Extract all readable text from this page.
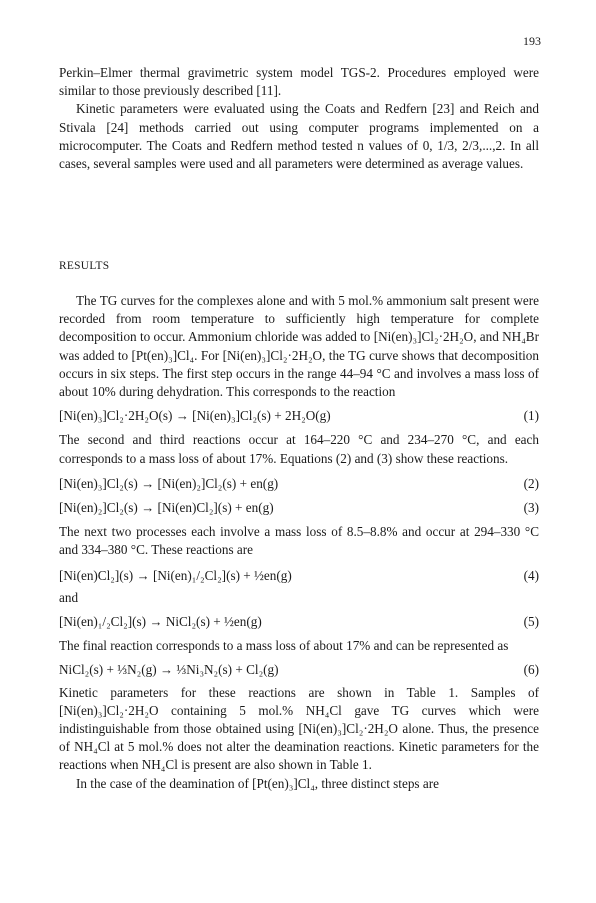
193

Perkin–Elmer thermal gravimetric system model TGS-2. Procedures employed were similar to those previously described [11].

Kinetic parameters were evaluated using the Coats and Redfern [23] and Reich and Stivala [24] methods carried out using computer programs implemented on a microcomputer. The Coats and Redfern method tested n values of 0, 1/3, 2/3,...,2. In all cases, several samples were used and all parameters were determined as average values.

RESULTS

The TG curves for the complexes alone and with 5 mol.% ammonium salt present were recorded from room temperature to sufficiently high temperature for complete decomposition to occur. Ammonium chloride was added to [Ni(en)₃]Cl₂·2H₂O, and NH₄Br was added to [Pt(en)₃]Cl₄. For [Ni(en)₃]Cl₂·2H₂O, the TG curve shows that decomposition occurs in six steps. The first step occurs in the range 44–94 °C and involves a mass loss of about 10% during dehydration. This corresponds to the reaction

[Ni(en)₃]Cl₂·2H₂O(s) → [Ni(en)₃]Cl₂(s) + 2H₂O(g)	(1)

The second and third reactions occur at 164–220 °C and 234–270 °C, and each corresponds to a mass loss of about 17%. Equations (2) and (3) show these reactions.

[Ni(en)₃]Cl₂(s) → [Ni(en)₂]Cl₂(s) + en(g)	(2)
[Ni(en)₂]Cl₂(s) → [Ni(en)Cl₂](s) + en(g)	(3)

The next two processes each involve a mass loss of 8.5–8.8% and occur at 294–330 °C and 334–380 °C. These reactions are

[Ni(en)Cl₂](s) → [Ni(en)₁/₂Cl₂](s) + ½en(g)	(4)

and

[Ni(en)₁/₂Cl₂](s) → NiCl₂(s) + ½en(g)	(5)

The final reaction corresponds to a mass loss of about 17% and can be represented as

NiCl₂(s) + ⅓N₂(g) → ⅓Ni₃N₂(s) + Cl₂(g)	(6)

Kinetic parameters for these reactions are shown in Table 1. Samples of [Ni(en)₃]Cl₂·2H₂O containing 5 mol.% NH₄Cl gave TG curves which were indistinguishable from those obtained using [Ni(en)₃]Cl₂·2H₂O alone. Thus, the presence of NH₄Cl at 5 mol.% does not alter the deamination reactions. Kinetic parameters for the reactions when NH₄Cl is present are also shown in Table 1.

In the case of the deamination of [Pt(en)₃]Cl₄, three distinct steps are
